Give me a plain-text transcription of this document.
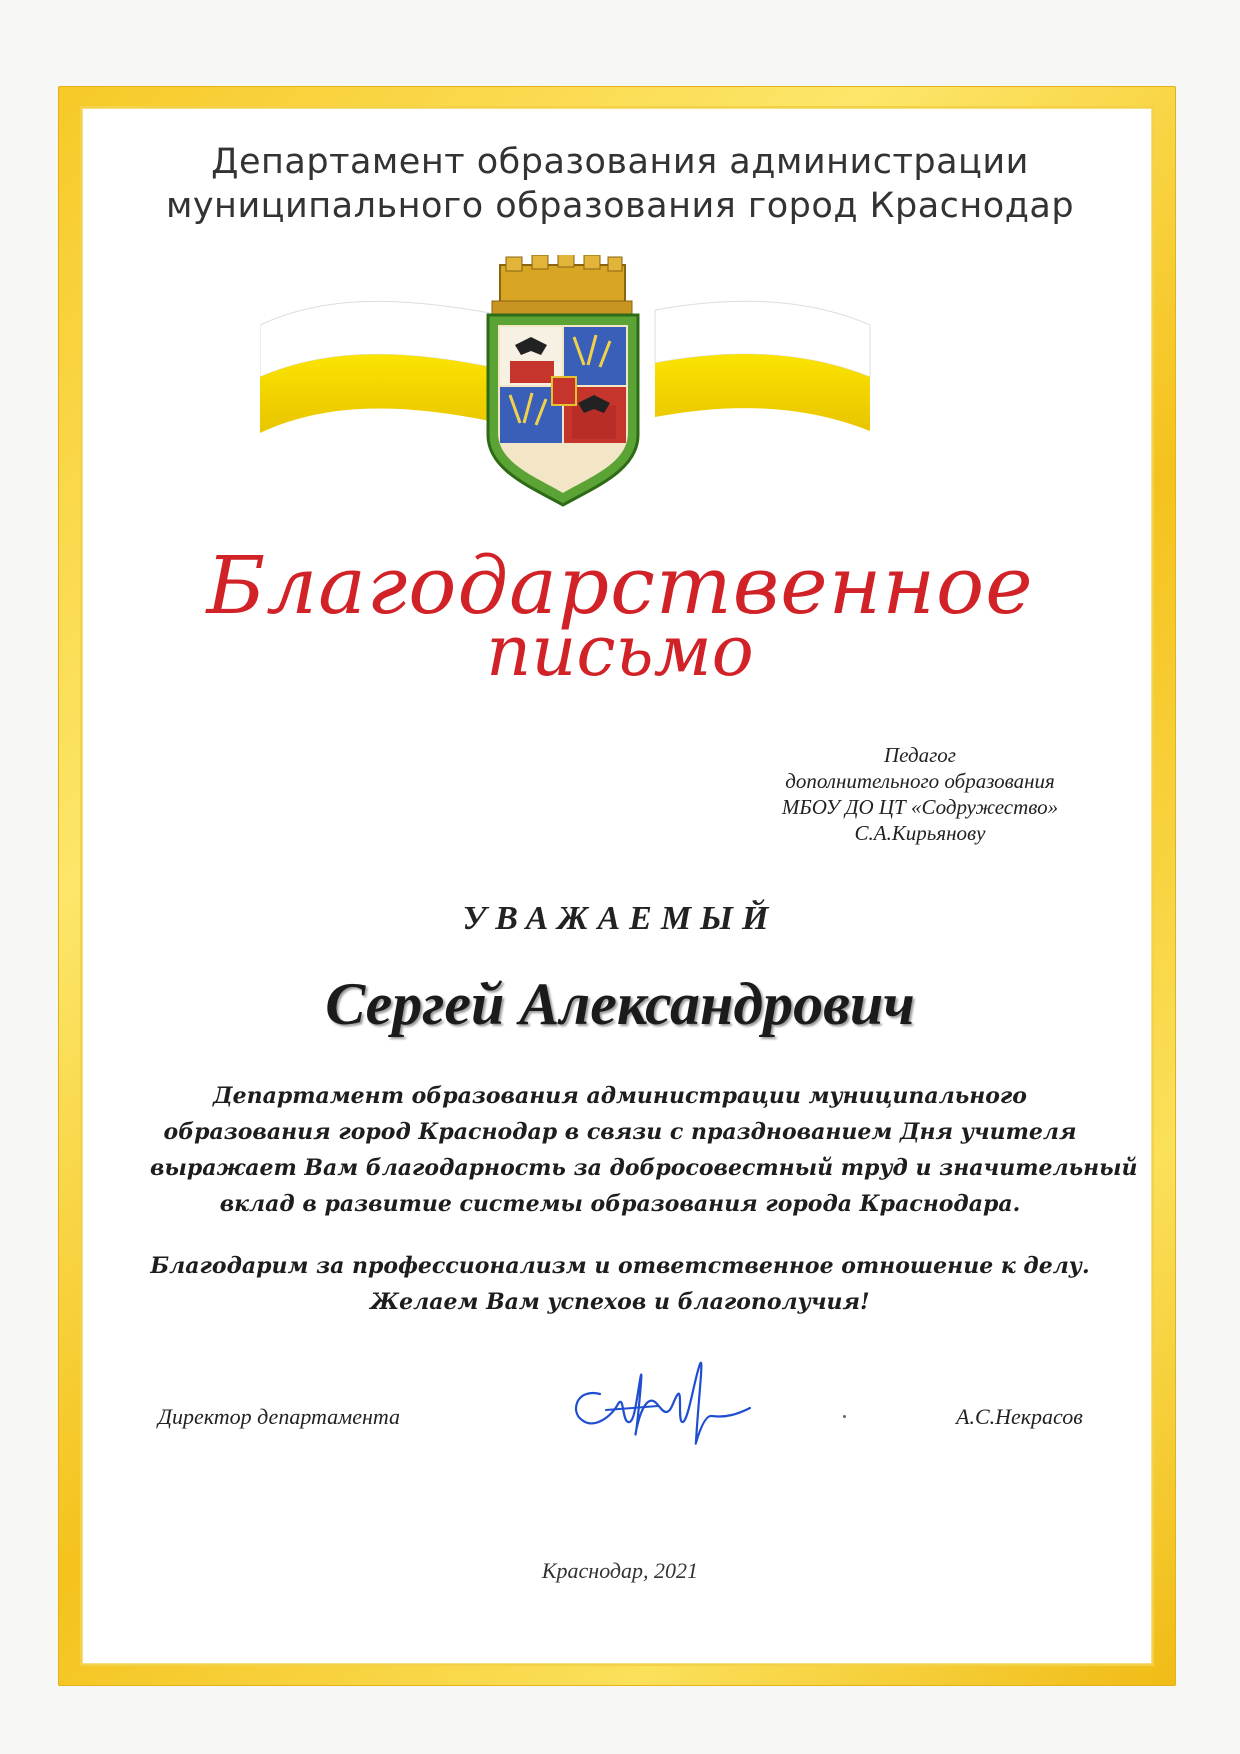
Департамент образования администрации
муниципального образования город Краснодар
Благодарственное
письмо
Педагог
дополнительного образования
МБОУ ДО ЦТ «Содружество»
С.А.Кирьянову
УВАЖАЕМЫЙ
Сергей Александрович
Департамент образования администрации муниципального
образования город Краснодар в связи с празднованием Дня учителя
выражает Вам благодарность за добросовестный труд и значительный
вклад в развитие системы образования города Краснодара.
Благодарим за профессионализм и ответственное отношение к делу.
Желаем Вам успехов и благополучия!
Директор департамента	А.С.Некрасов
Краснодар, 2021
